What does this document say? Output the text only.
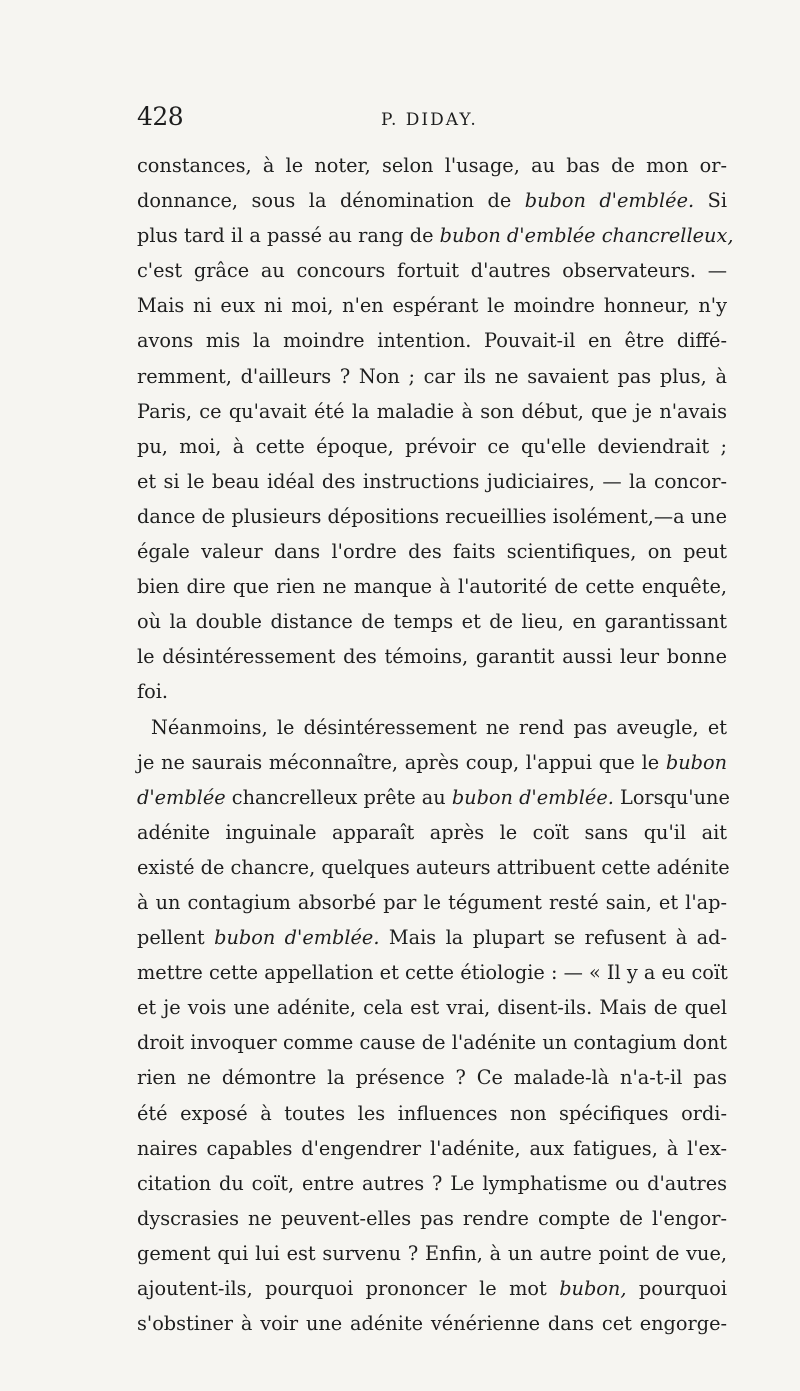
428	P. DIDAY.
constances, à le noter, selon l'usage, au bas de mon or-
donnance, sous la dénomination de bubon d'emblée. Si
plus tard il a passé au rang de bubon d'emblée chancrelleux,
c'est grâce au concours fortuit d'autres observateurs. —
Mais ni eux ni moi, n'en espérant le moindre honneur, n'y
avons mis la moindre intention. Pouvait-il en être diffé-
remment, d'ailleurs ? Non ; car ils ne savaient pas plus, à
Paris, ce qu'avait été la maladie à son début, que je n'avais
pu, moi, à cette époque, prévoir ce qu'elle deviendrait ;
et si le beau idéal des instructions judiciaires, — la concor-
dance de plusieurs dépositions recueillies isolément,—a une
égale valeur dans l'ordre des faits scientifiques, on peut
bien dire que rien ne manque à l'autorité de cette enquête,
où la double distance de temps et de lieu, en garantissant
le désintéressement des témoins, garantit aussi leur bonne
foi.
Néanmoins, le désintéressement ne rend pas aveugle, et
je ne saurais méconnaître, après coup, l'appui que le bubon
d'emblée chancrelleux prête au bubon d'emblée. Lorsqu'une
adénite inguinale apparaît après le coït sans qu'il ait
existé de chancre, quelques auteurs attribuent cette adénite
à un contagium absorbé par le tégument resté sain, et l'ap-
pellent bubon d'emblée. Mais la plupart se refusent à ad-
mettre cette appellation et cette étiologie : — « Il y a eu coït
et je vois une adénite, cela est vrai, disent-ils. Mais de quel
droit invoquer comme cause de l'adénite un contagium dont
rien ne démontre la présence ? Ce malade-là n'a-t-il pas
été exposé à toutes les influences non spécifiques ordi-
naires capables d'engendrer l'adénite, aux fatigues, à l'ex-
citation du coït, entre autres ? Le lymphatisme ou d'autres
dyscrasies ne peuvent-elles pas rendre compte de l'engor-
gement qui lui est survenu ? Enfin, à un autre point de vue,
ajoutent-ils, pourquoi prononcer le mot bubon, pourquoi
s'obstiner à voir une adénite vénérienne dans cet engorge-
